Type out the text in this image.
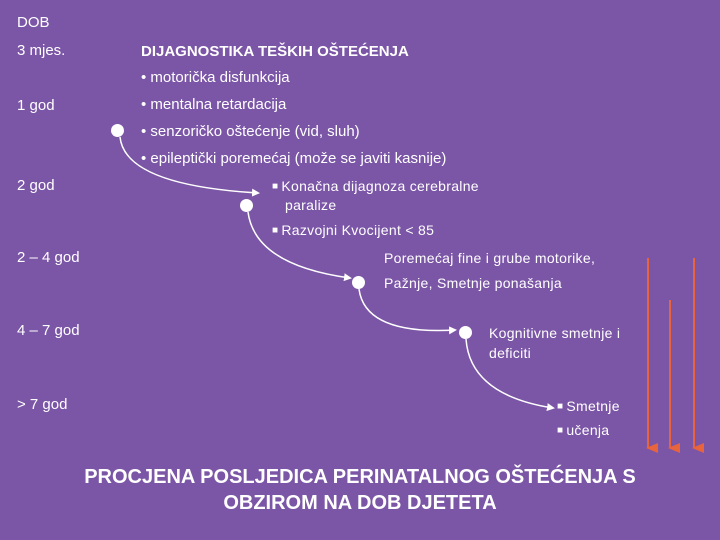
DOB
3 mjes.
1 god
2 god
2 – 4 god
4 – 7 god
> 7 god
DIJAGNOSTIKA TEŠKIH OŠTEĆENJA
• motorička disfunkcija
• mentalna retardacija
• senzoričko oštećenje (vid, sluh)
• epileptički poremećaj (može se javiti kasnije)
■ Konačna dijagnoza cerebralne
paralize
■ Razvojni Kvocijent < 85
Poremećaj fine i grube motorike,
Pažnje, Smetnje ponašanja
Kognitivne smetnje i
deficiti
■ Smetnje
■ učenja
PROCJENA POSLJEDICA PERINATALNOG OŠTEĆENJA S
OBZIROM NA DOB DJETETA
